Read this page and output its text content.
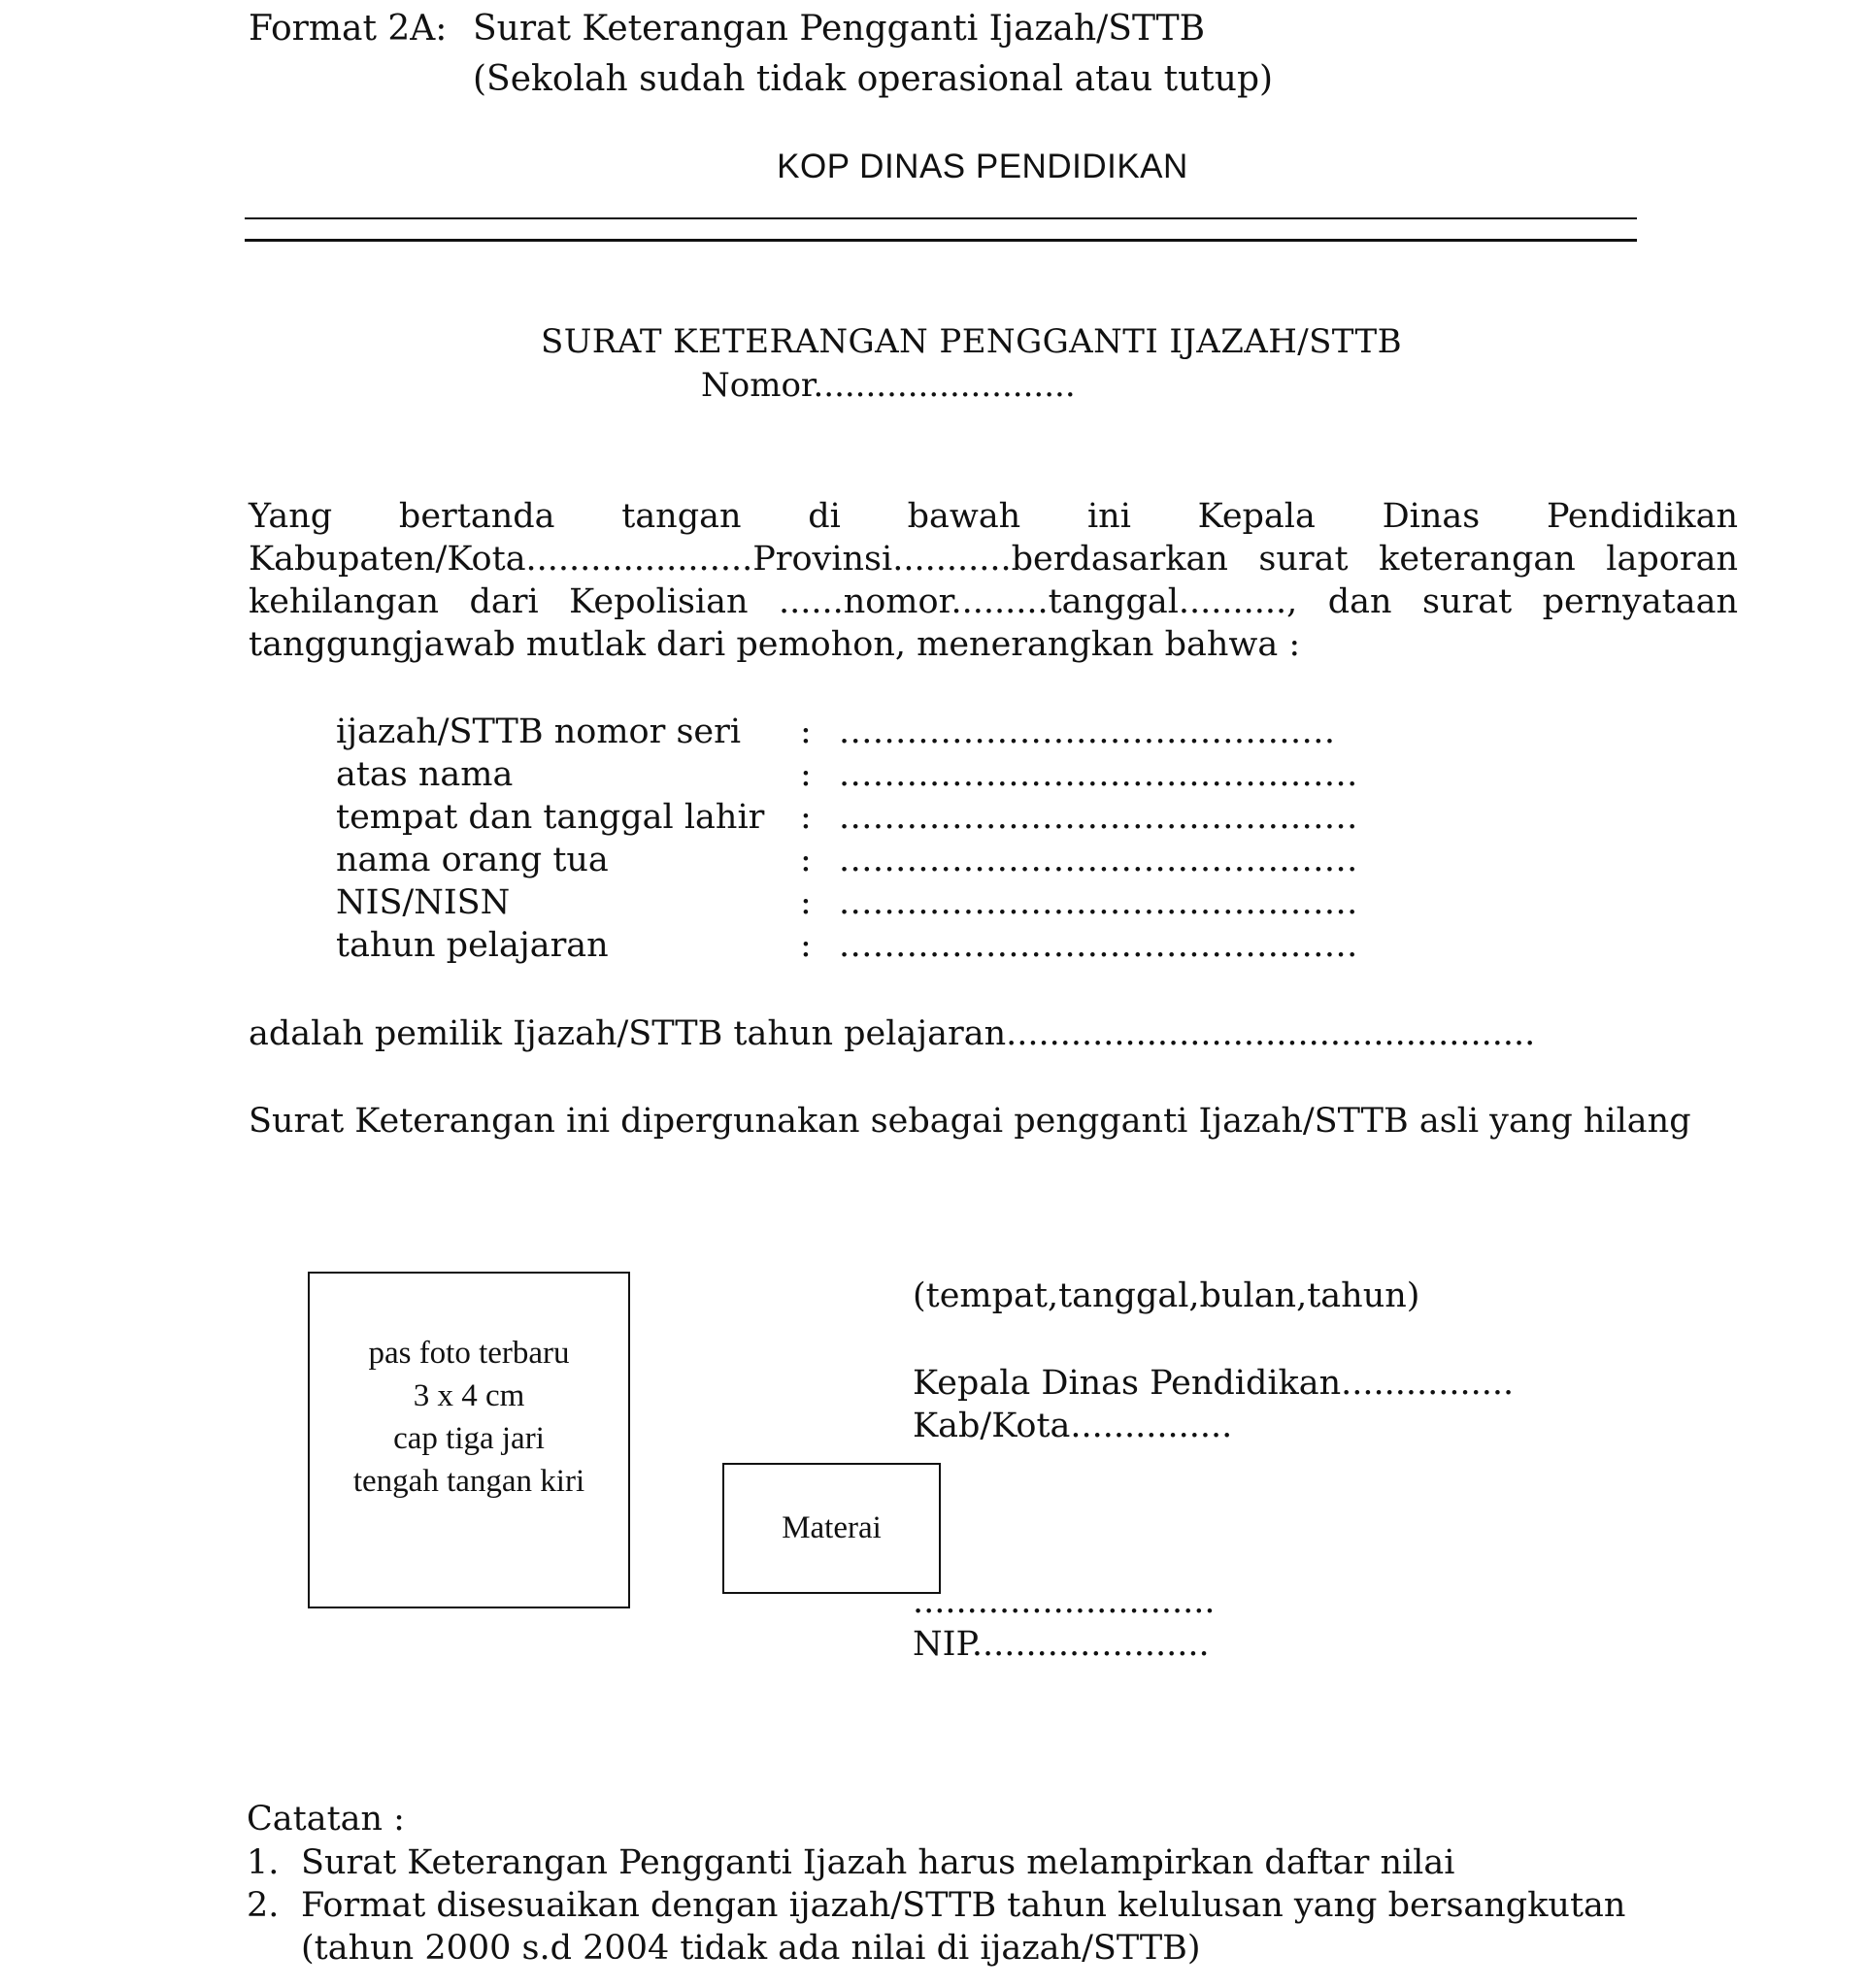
Format 2A: Surat Keterangan Pengganti Ijazah/STTB
(Sekolah sudah tidak operasional atau tutup)
KOP DINAS PENDIDIKAN
SURAT KETERANGAN PENGGANTI IJAZAH/STTB
Nomor.........................
Yang bertanda tangan di bawah ini Kepala Dinas Pendidikan Kabupaten/Kota.....................Provinsi...........berdasarkan surat keterangan laporan kehilangan dari Kepolisian ......nomor.........tanggal.........., dan surat pernyataan tanggungjawab mutlak dari pemohon, menerangkan bahwa :
ijazah/STTB nomor seri	: ............................................
atas nama	: ..............................................
tempat dan tanggal lahir	: ..............................................
nama orang tua	: ..............................................
NIS/NISN	: ..............................................
tahun pelajaran	: ..............................................
adalah pemilik Ijazah/STTB tahun pelajaran.................................................
Surat Keterangan ini dipergunakan sebagai pengganti Ijazah/STTB asli yang hilang
pas foto terbaru
3 x 4 cm
cap tiga jari
tengah tangan kiri
Materai
(tempat,tanggal,bulan,tahun)
Kepala Dinas Pendidikan................
Kab/Kota...............
............................
NIP......................
Catatan :
1. Surat Keterangan Pengganti Ijazah harus melampirkan daftar nilai
2. Format disesuaikan dengan ijazah/STTB tahun kelulusan yang bersangkutan
(tahun 2000 s.d 2004 tidak ada nilai di ijazah/STTB)
